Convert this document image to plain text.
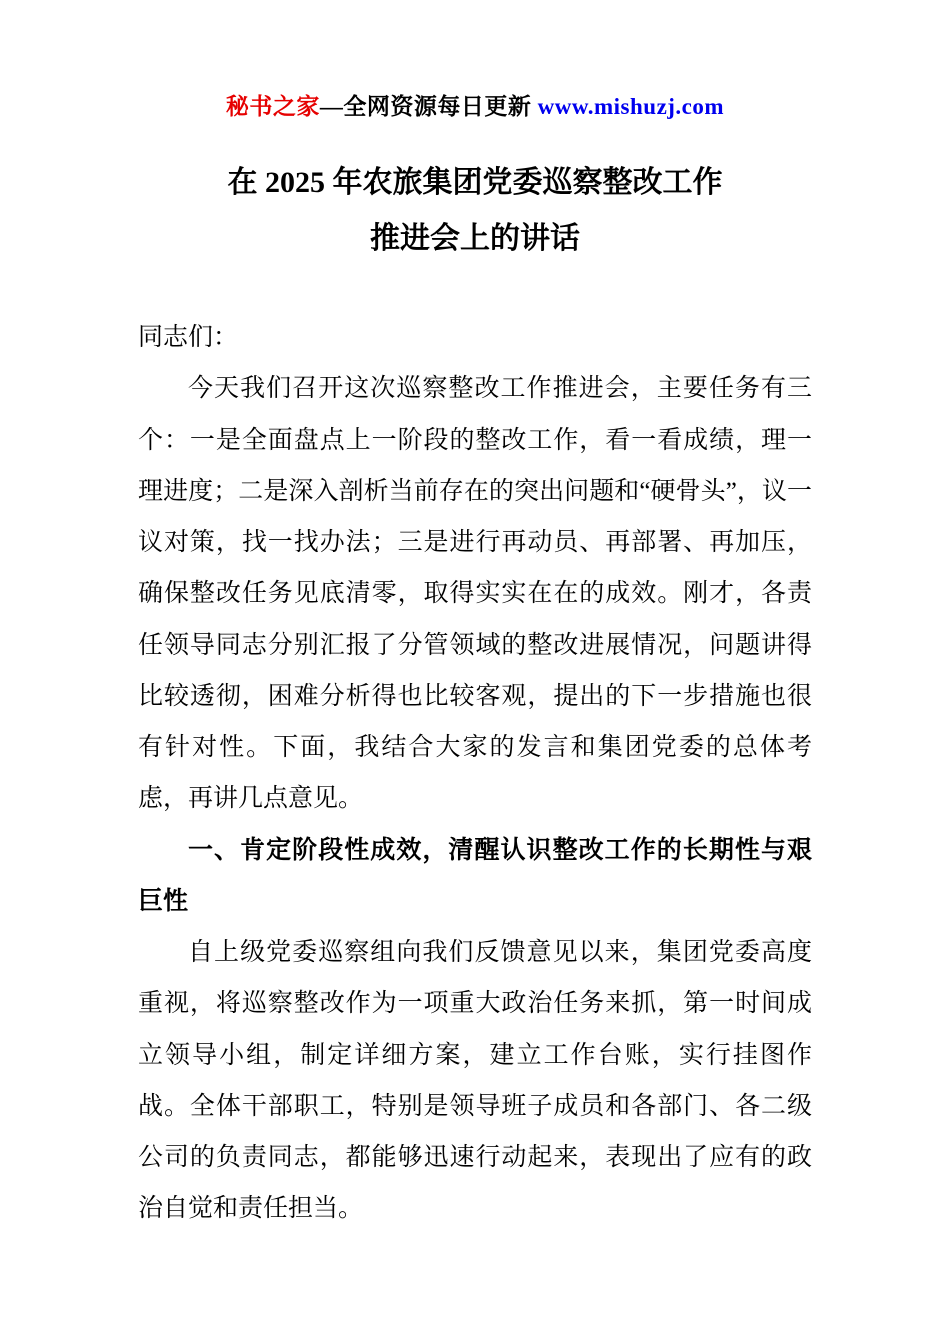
秘书之家—全网资源每日更新 www.mishuzj.com
在 2025 年农旅集团党委巡察整改工作
推进会上的讲话

同志们：

今天我们召开这次巡察整改工作推进会，主要任务有三个：一是全面盘点上一阶段的整改工作，看一看成绩，理一理进度；二是深入剖析当前存在的突出问题和“硬骨头”，议一议对策，找一找办法；三是进行再动员、再部署、再加压，确保整改任务见底清零，取得实实在在的成效。刚才，各责任领导同志分别汇报了分管领域的整改进展情况，问题讲得比较透彻，困难分析得也比较客观，提出的下一步措施也很有针对性。下面，我结合大家的发言和集团党委的总体考虑，再讲几点意见。

一、肯定阶段性成效，清醒认识整改工作的长期性与艰巨性

自上级党委巡察组向我们反馈意见以来，集团党委高度重视，将巡察整改作为一项重大政治任务来抓，第一时间成立领导小组，制定详细方案，建立工作台账，实行挂图作战。全体干部职工，特别是领导班子成员和各部门、各二级公司的负责同志，都能够迅速行动起来，表现出了应有的政治自觉和责任担当。
